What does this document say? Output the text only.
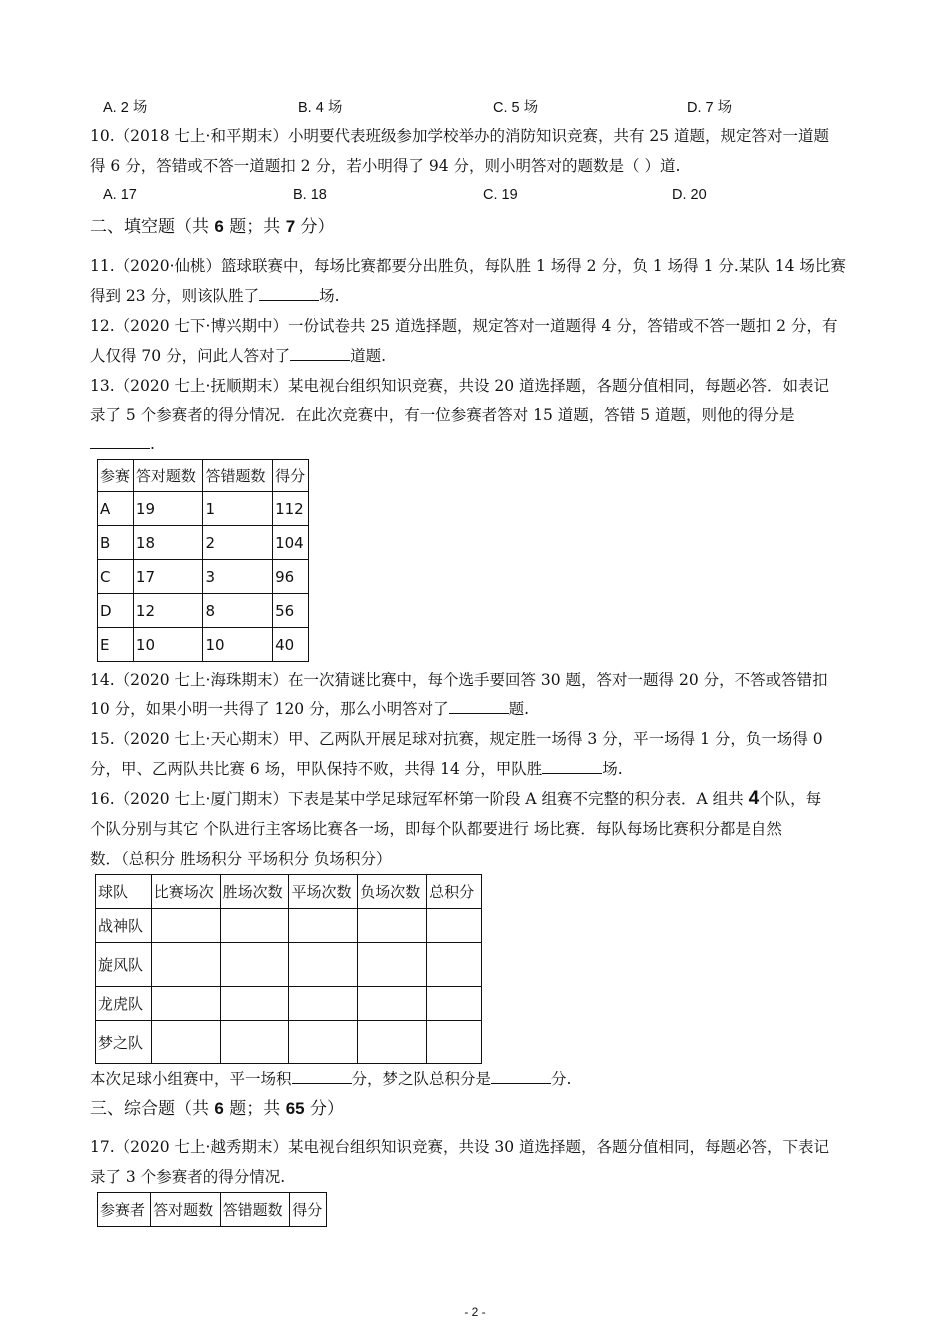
A. 2 场	B. 4 场	C. 5 场	D. 7 场
10.（2018 七上·和平期末）小明要代表班级参加学校举办的消防知识竞赛，共有 25 道题，规定答对一道题
得 6 分，答错或不答一道题扣 2 分，若小明得了 94 分，则小明答对的题数是（ ）道.
A. 17	B. 18	C. 19	D. 20
二、填空题（共 6 题；共 7 分）
11.（2020·仙桃）篮球联赛中，每场比赛都要分出胜负，每队胜 1 场得 2 分，负 1 场得 1 分.某队 14 场比赛
得到 23 分，则该队胜了	场.
12.（2020 七下·博兴期中）一份试卷共 25 道选择题，规定答对一道题得 4 分，答错或不答一题扣 2 分，有
人仅得 70 分，问此人答对了	道题.
13.（2020 七上·抚顺期末）某电视台组织知识竞赛，共设 20 道选择题，各题分值相同，每题必答．如表记
录了 5 个参赛者的得分情况．在此次竞赛中，有一位参赛者答对 15 道题，答错 5 道题，则他的得分是
.
参赛	答对题数	答错题数	得分
A	19	1	112
B	18	2	104
C	17	3	96
D	12	8	56
E	10	10	40
14.（2020 七上·海珠期末）在一次猜谜比赛中，每个选手要回答 30 题，答对一题得 20 分，不答或答错扣
10 分，如果小明一共得了 120 分，那么小明答对了	题.
15.（2020 七上·天心期末）甲、乙两队开展足球对抗赛，规定胜一场得 3 分，平一场得 1 分，负一场得 0
分，甲、乙两队共比赛 6 场，甲队保持不败，共得 14 分，甲队胜	场.
16.（2020 七上·厦门期末）下表是某中学足球冠军杯第一阶段 A 组赛不完整的积分表．A 组共 4个队，每
个队分别与其它 个队进行主客场比赛各一场，即每个队都要进行 场比赛．每队每场比赛积分都是自然
数．（总积分 胜场积分 平场积分 负场积分）
球队	比赛场次	胜场次数	平场次数	负场次数	总积分
战神队					
旋风队					
龙虎队					
梦之队					
本次足球小组赛中，平一场积	分，梦之队总积分是	分.
三、综合题（共 6 题；共 65 分）
17.（2020 七上·越秀期末）某电视台组织知识竞赛，共设 30 道选择题，各题分值相同，每题必答，下表记
录了 3 个参赛者的得分情况.
参赛者	答对题数	答错题数	得分
- 2 -
